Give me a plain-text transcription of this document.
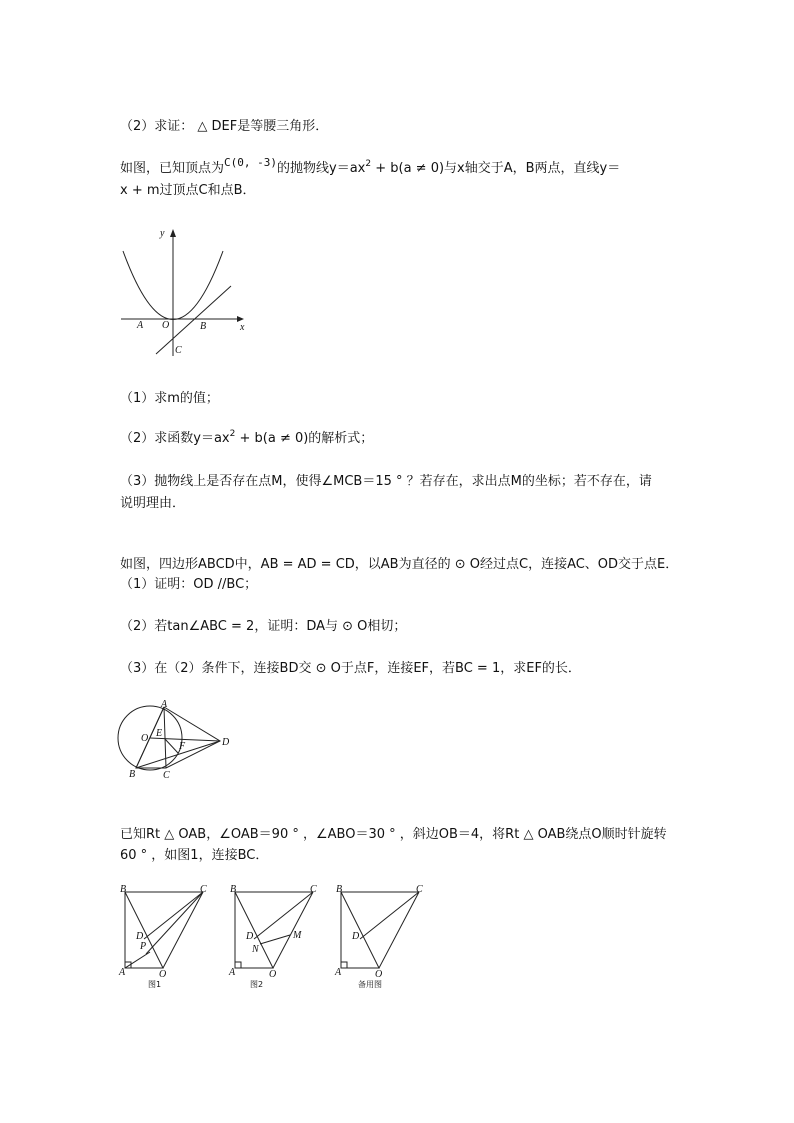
（2）求证： △ DEF是等腰三角形．
如图，已知顶点为$^{C(0, -3)}$的抛物线$y=ax^2 + b(a \ne 0)$与x轴交于A，B两点，直线y＝
x + m过顶点C和点B．
y
x
A O	B
C
（1）求m的值；
（2）求函数$y=ax^2 + b(a \ne 0)$的解析式；
（3）抛物线上是否存在点M，使得∠MCB＝15 ° ？若存在，求出点M的坐标；若不存在，请
说明理由．
如图，四边形ABCD中，AB = AD = CD，以AB为直径的 ⊙ O经过点C，连接AC、OD交于点E．
（1）证明：OD //BC；
（2）若tan∠ABC = 2，证明：DA与 ⊙ O相切；
（3）在（2）条件下，连接BD交 ⊙ O于点F，连接EF，若BC = 1，求EF的长．
A
O E
F	D
B	C
已知Rt △ OAB，∠OAB＝90 ° ，∠ABO＝30 ° ，斜边OB＝4，将Rt △ OAB绕点O顺时针旋转
60 ° ，如图1，连接BC．
B	C
D
P
A	O
图1
B	C
D	M
N
A	O
图2
B	C
D
A	O
备用图
